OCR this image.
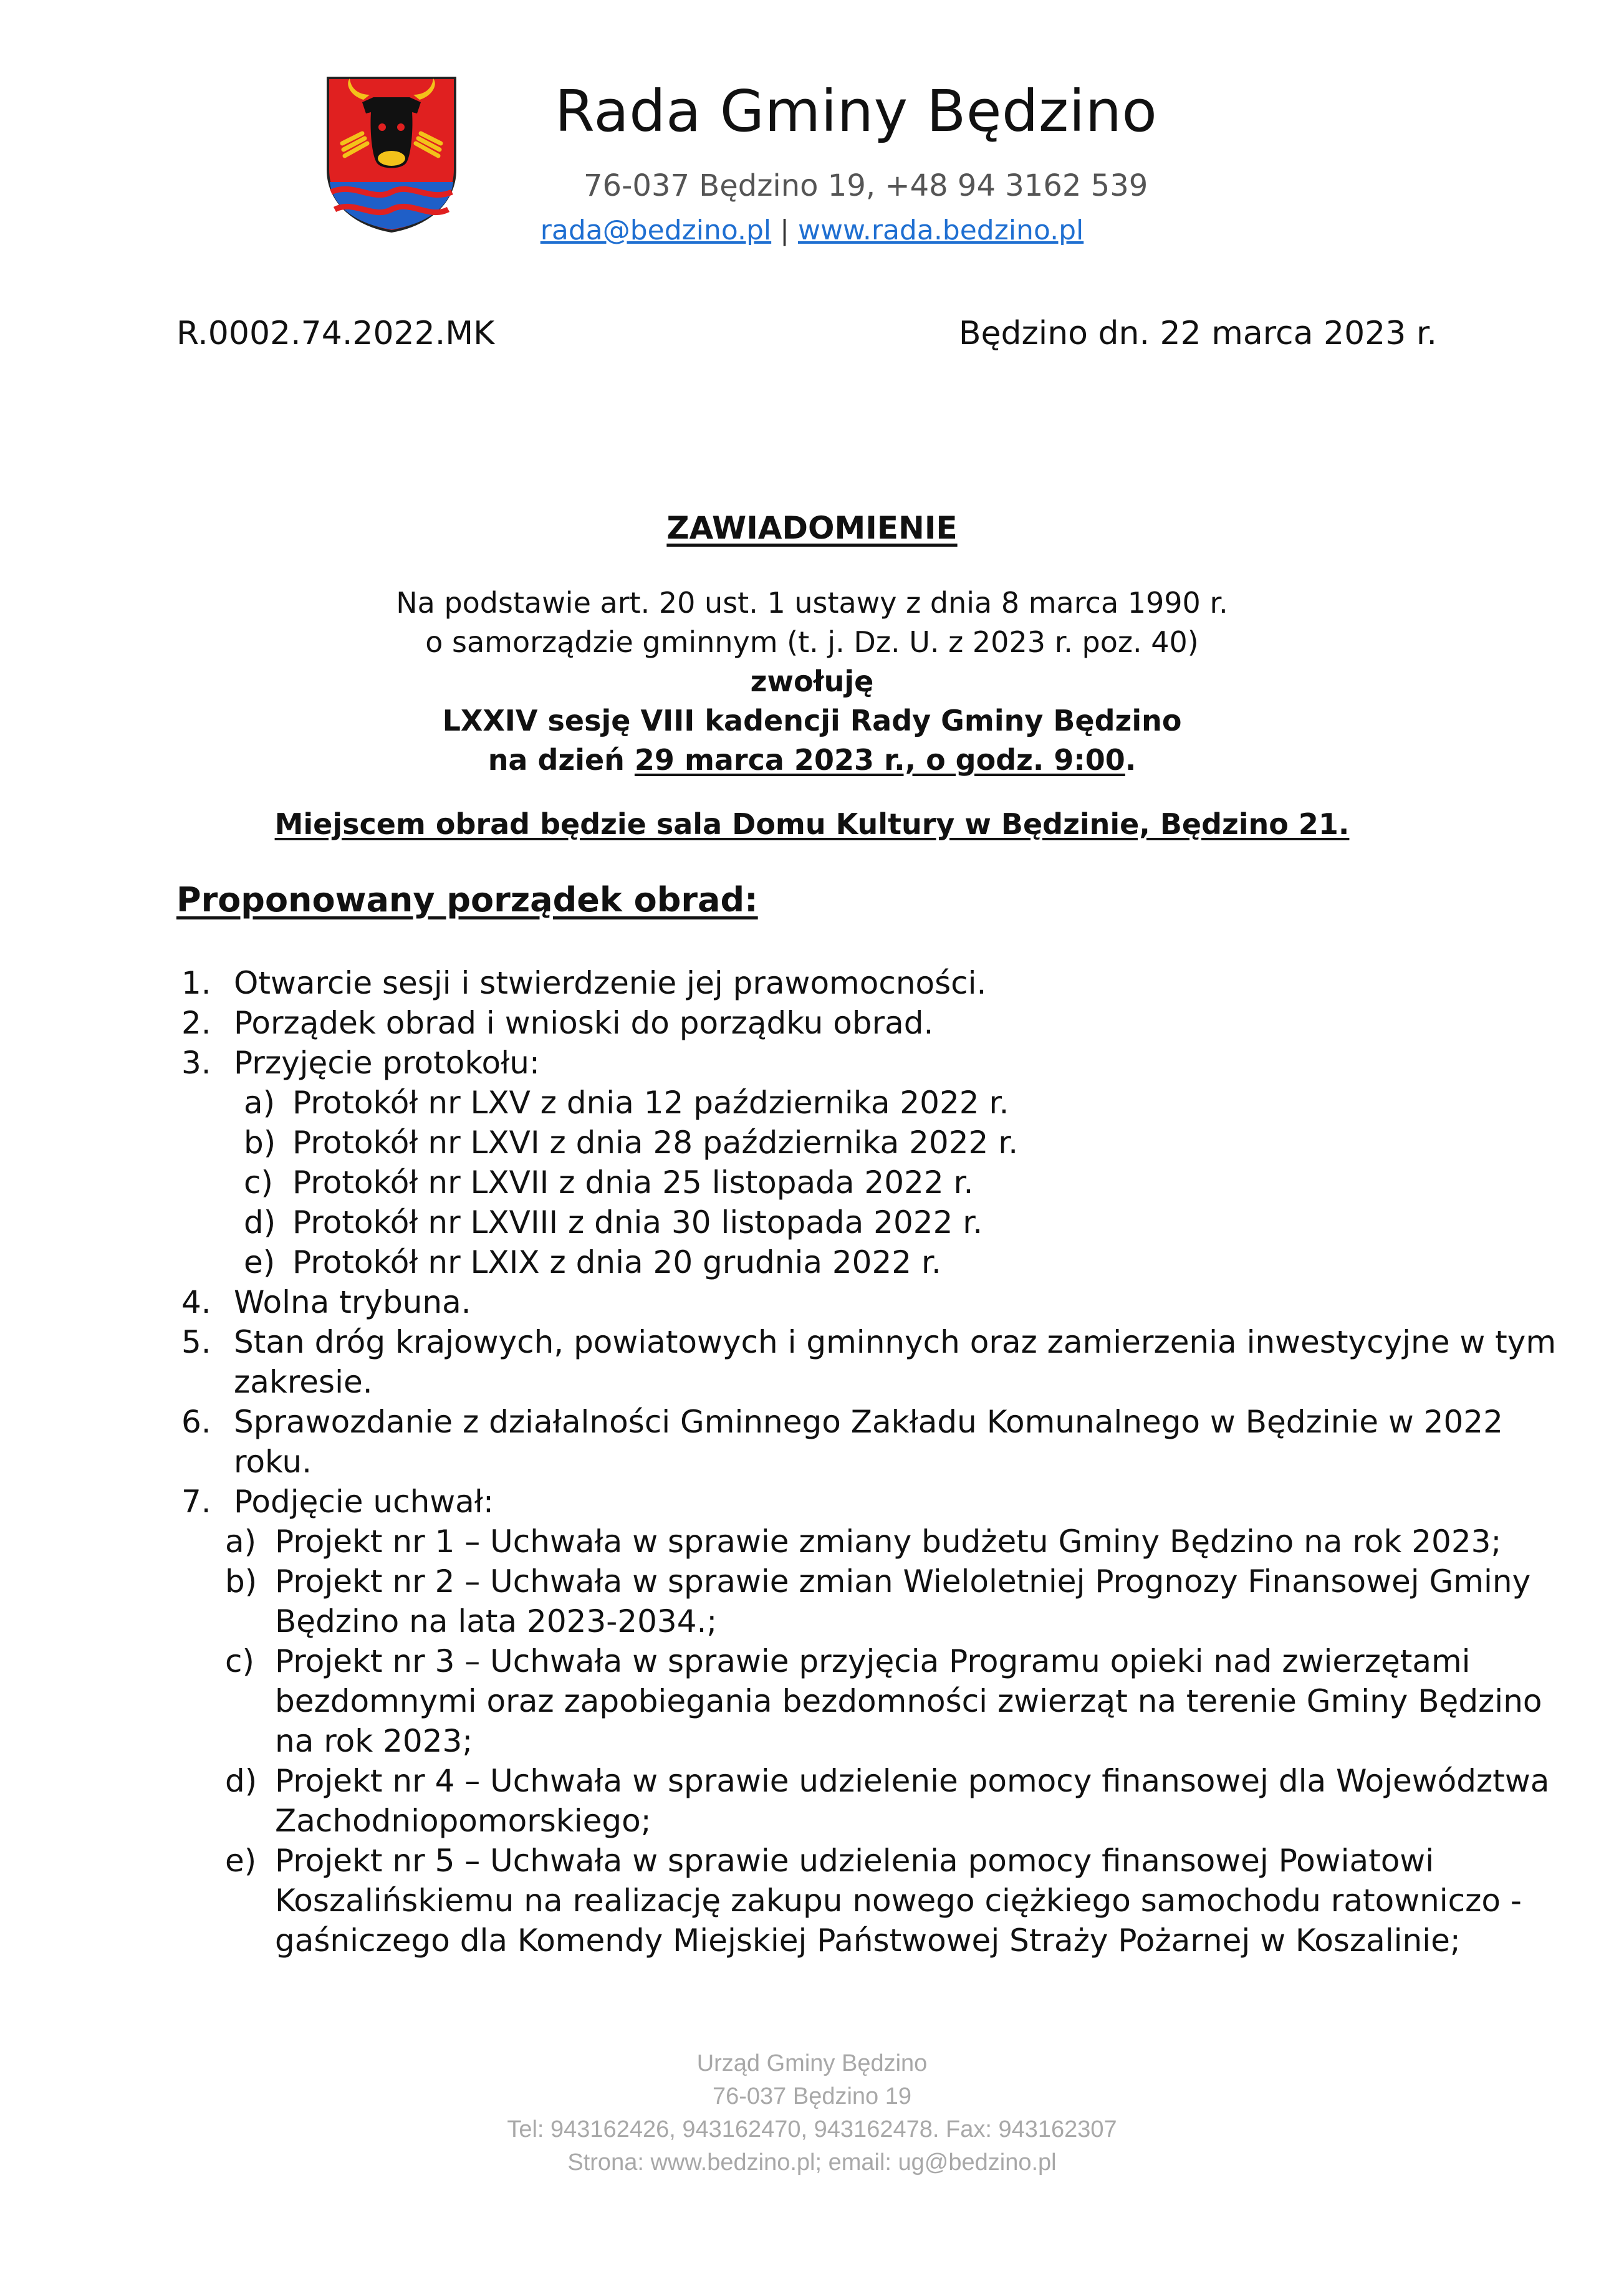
Rada Gminy Będzino
76-037 Będzino 19, +48 94 3162 539
rada@bedzino.pl | www.rada.bedzino.pl
R.0002.74.2022.MK	Będzino dn. 22 marca 2023 r.
ZAWIADOMIENIE
Na podstawie art. 20 ust. 1 ustawy z dnia 8 marca 1990 r.
o samorządzie gminnym (t. j. Dz. U. z 2023 r. poz. 40)
zwołuję
LXXIV sesję VIII kadencji Rady Gminy Będzino
na dzień 29 marca 2023 r., o godz. 9:00.
Miejscem obrad będzie sala Domu Kultury w Będzinie, Będzino 21.
Proponowany porządek obrad:
1. Otwarcie sesji i stwierdzenie jej prawomocności.
2. Porządek obrad i wnioski do porządku obrad.
3. Przyjęcie protokołu:
a) Protokół nr LXV z dnia 12 października 2022 r.
b) Protokół nr LXVI z dnia 28 października 2022 r.
c) Protokół nr LXVII z dnia 25 listopada 2022 r.
d) Protokół nr LXVIII z dnia 30 listopada 2022 r.
e) Protokół nr LXIX z dnia 20 grudnia 2022 r.
4. Wolna trybuna.
5. Stan dróg krajowych, powiatowych i gminnych oraz zamierzenia inwestycyjne w tym zakresie.
6. Sprawozdanie z działalności Gminnego Zakładu Komunalnego w Będzinie w 2022 roku.
7. Podjęcie uchwał:
a) Projekt nr 1 – Uchwała w sprawie zmiany budżetu Gminy Będzino na rok 2023;
b) Projekt nr 2 – Uchwała w sprawie zmian Wieloletniej Prognozy Finansowej Gminy Będzino na lata 2023-2034.;
c) Projekt nr 3 – Uchwała w sprawie przyjęcia Programu opieki nad zwierzętami bezdomnymi oraz zapobiegania bezdomności zwierząt na terenie Gminy Będzino na rok 2023;
d) Projekt nr 4 – Uchwała w sprawie udzielenie pomocy finansowej dla Województwa Zachodniopomorskiego;
e) Projekt nr 5 – Uchwała w sprawie udzielenia pomocy finansowej Powiatowi Koszalińskiemu na realizację zakupu nowego ciężkiego samochodu ratowniczo - gaśniczego dla Komendy Miejskiej Państwowej Straży Pożarnej w Koszalinie;
Urząd Gminy Będzino
76-037 Będzino 19
Tel: 943162426, 943162470, 943162478. Fax: 943162307
Strona: www.bedzino.pl; email: ug@bedzino.pl
